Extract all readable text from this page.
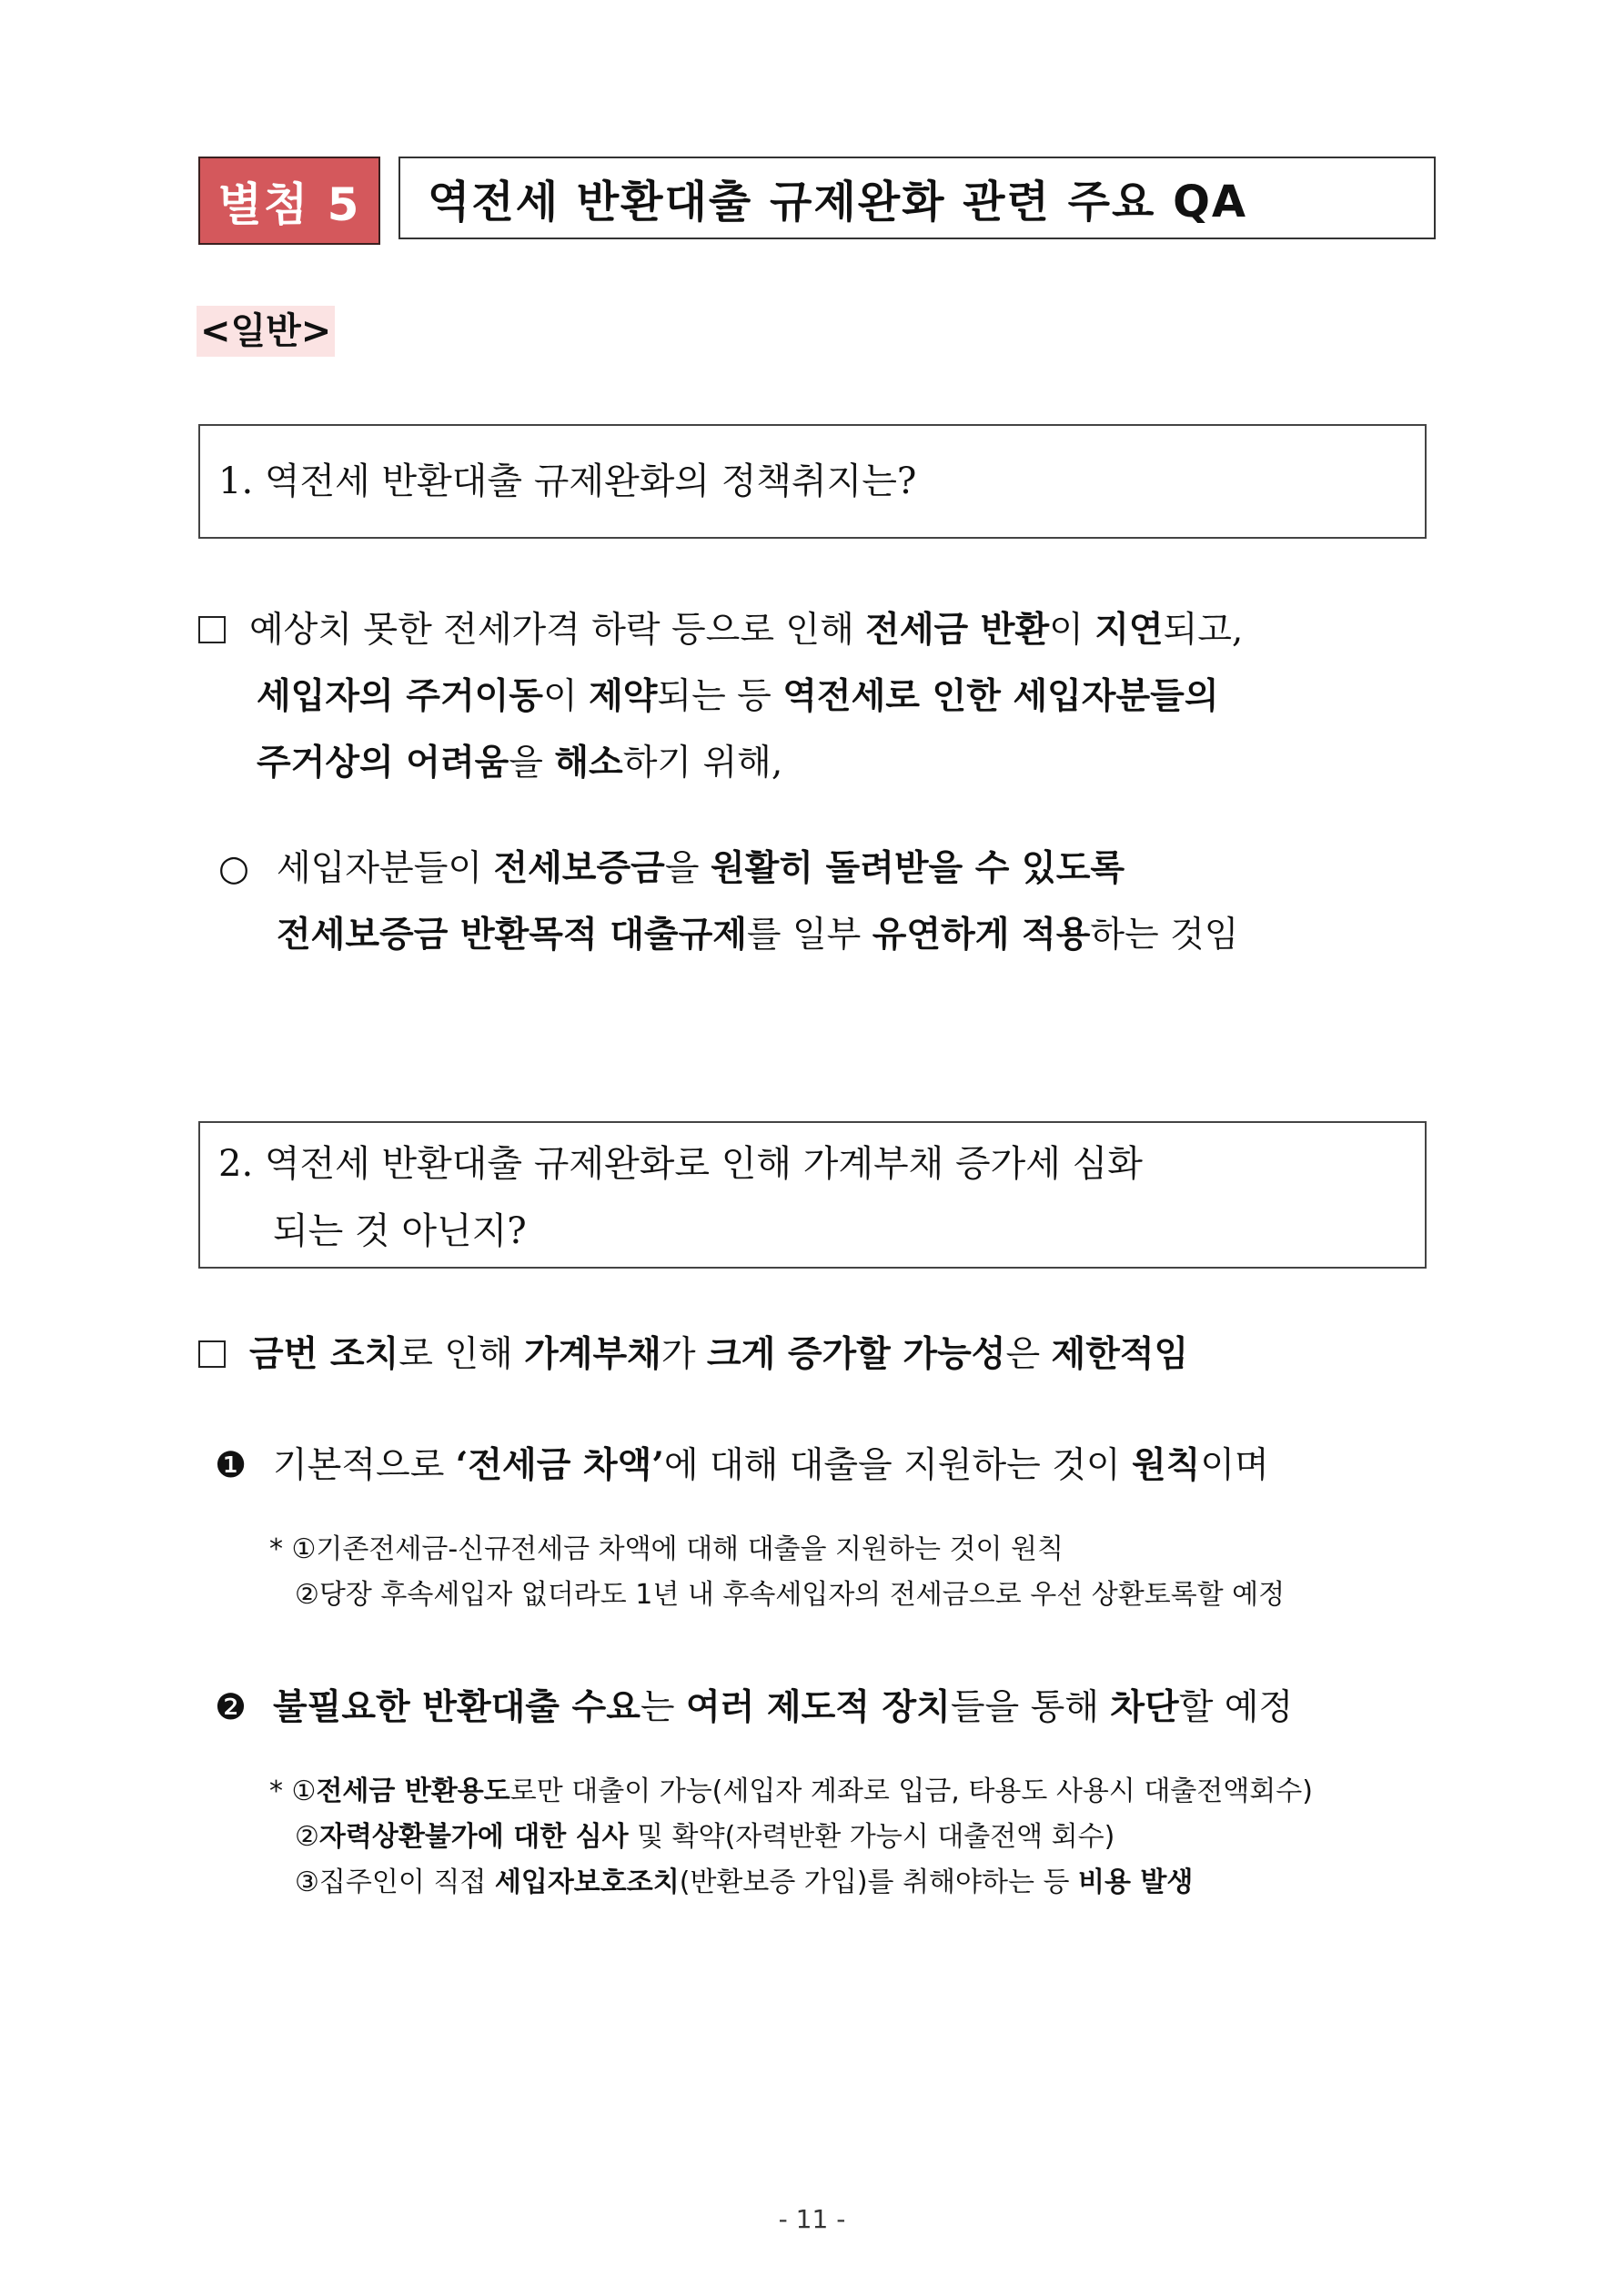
별첨 5	역전세 반환대출 규제완화 관련 주요 QA
<일반>
1. 역전세 반환대출 규제완화의 정책취지는?
예상치 못한 전세가격 하락 등으로 인해 전세금 반환이 지연되고,
세입자의 주거이동이 제약되는 등 역전세로 인한 세입자분들의
주거상의 어려움을 해소하기 위해,
○ 세입자분들이 전세보증금을 원활히 돌려받을 수 있도록
전세보증금 반환목적 대출규제를 일부 유연하게 적용하는 것임
2. 역전세 반환대출 규제완화로 인해 가계부채 증가세 심화
되는 것 아닌지?
금번 조치로 인해 가계부채가 크게 증가할 가능성은 제한적임
❶ 기본적으로 ‘전세금 차액’에 대해 대출을 지원하는 것이 원칙이며
* ①기존전세금-신규전세금 차액에 대해 대출을 지원하는 것이 원칙
②당장 후속세입자 없더라도 1년 내 후속세입자의 전세금으로 우선 상환토록할 예정
❷ 불필요한 반환대출 수요는 여러 제도적 장치들을 통해 차단할 예정
* ①전세금 반환용도로만 대출이 가능(세입자 계좌로 입금, 타용도 사용시 대출전액회수)
②자력상환불가에 대한 심사 및 확약(자력반환 가능시 대출전액 회수)
③집주인이 직접 세입자보호조치(반환보증 가입)를 취해야하는 등 비용 발생
- 11 -
